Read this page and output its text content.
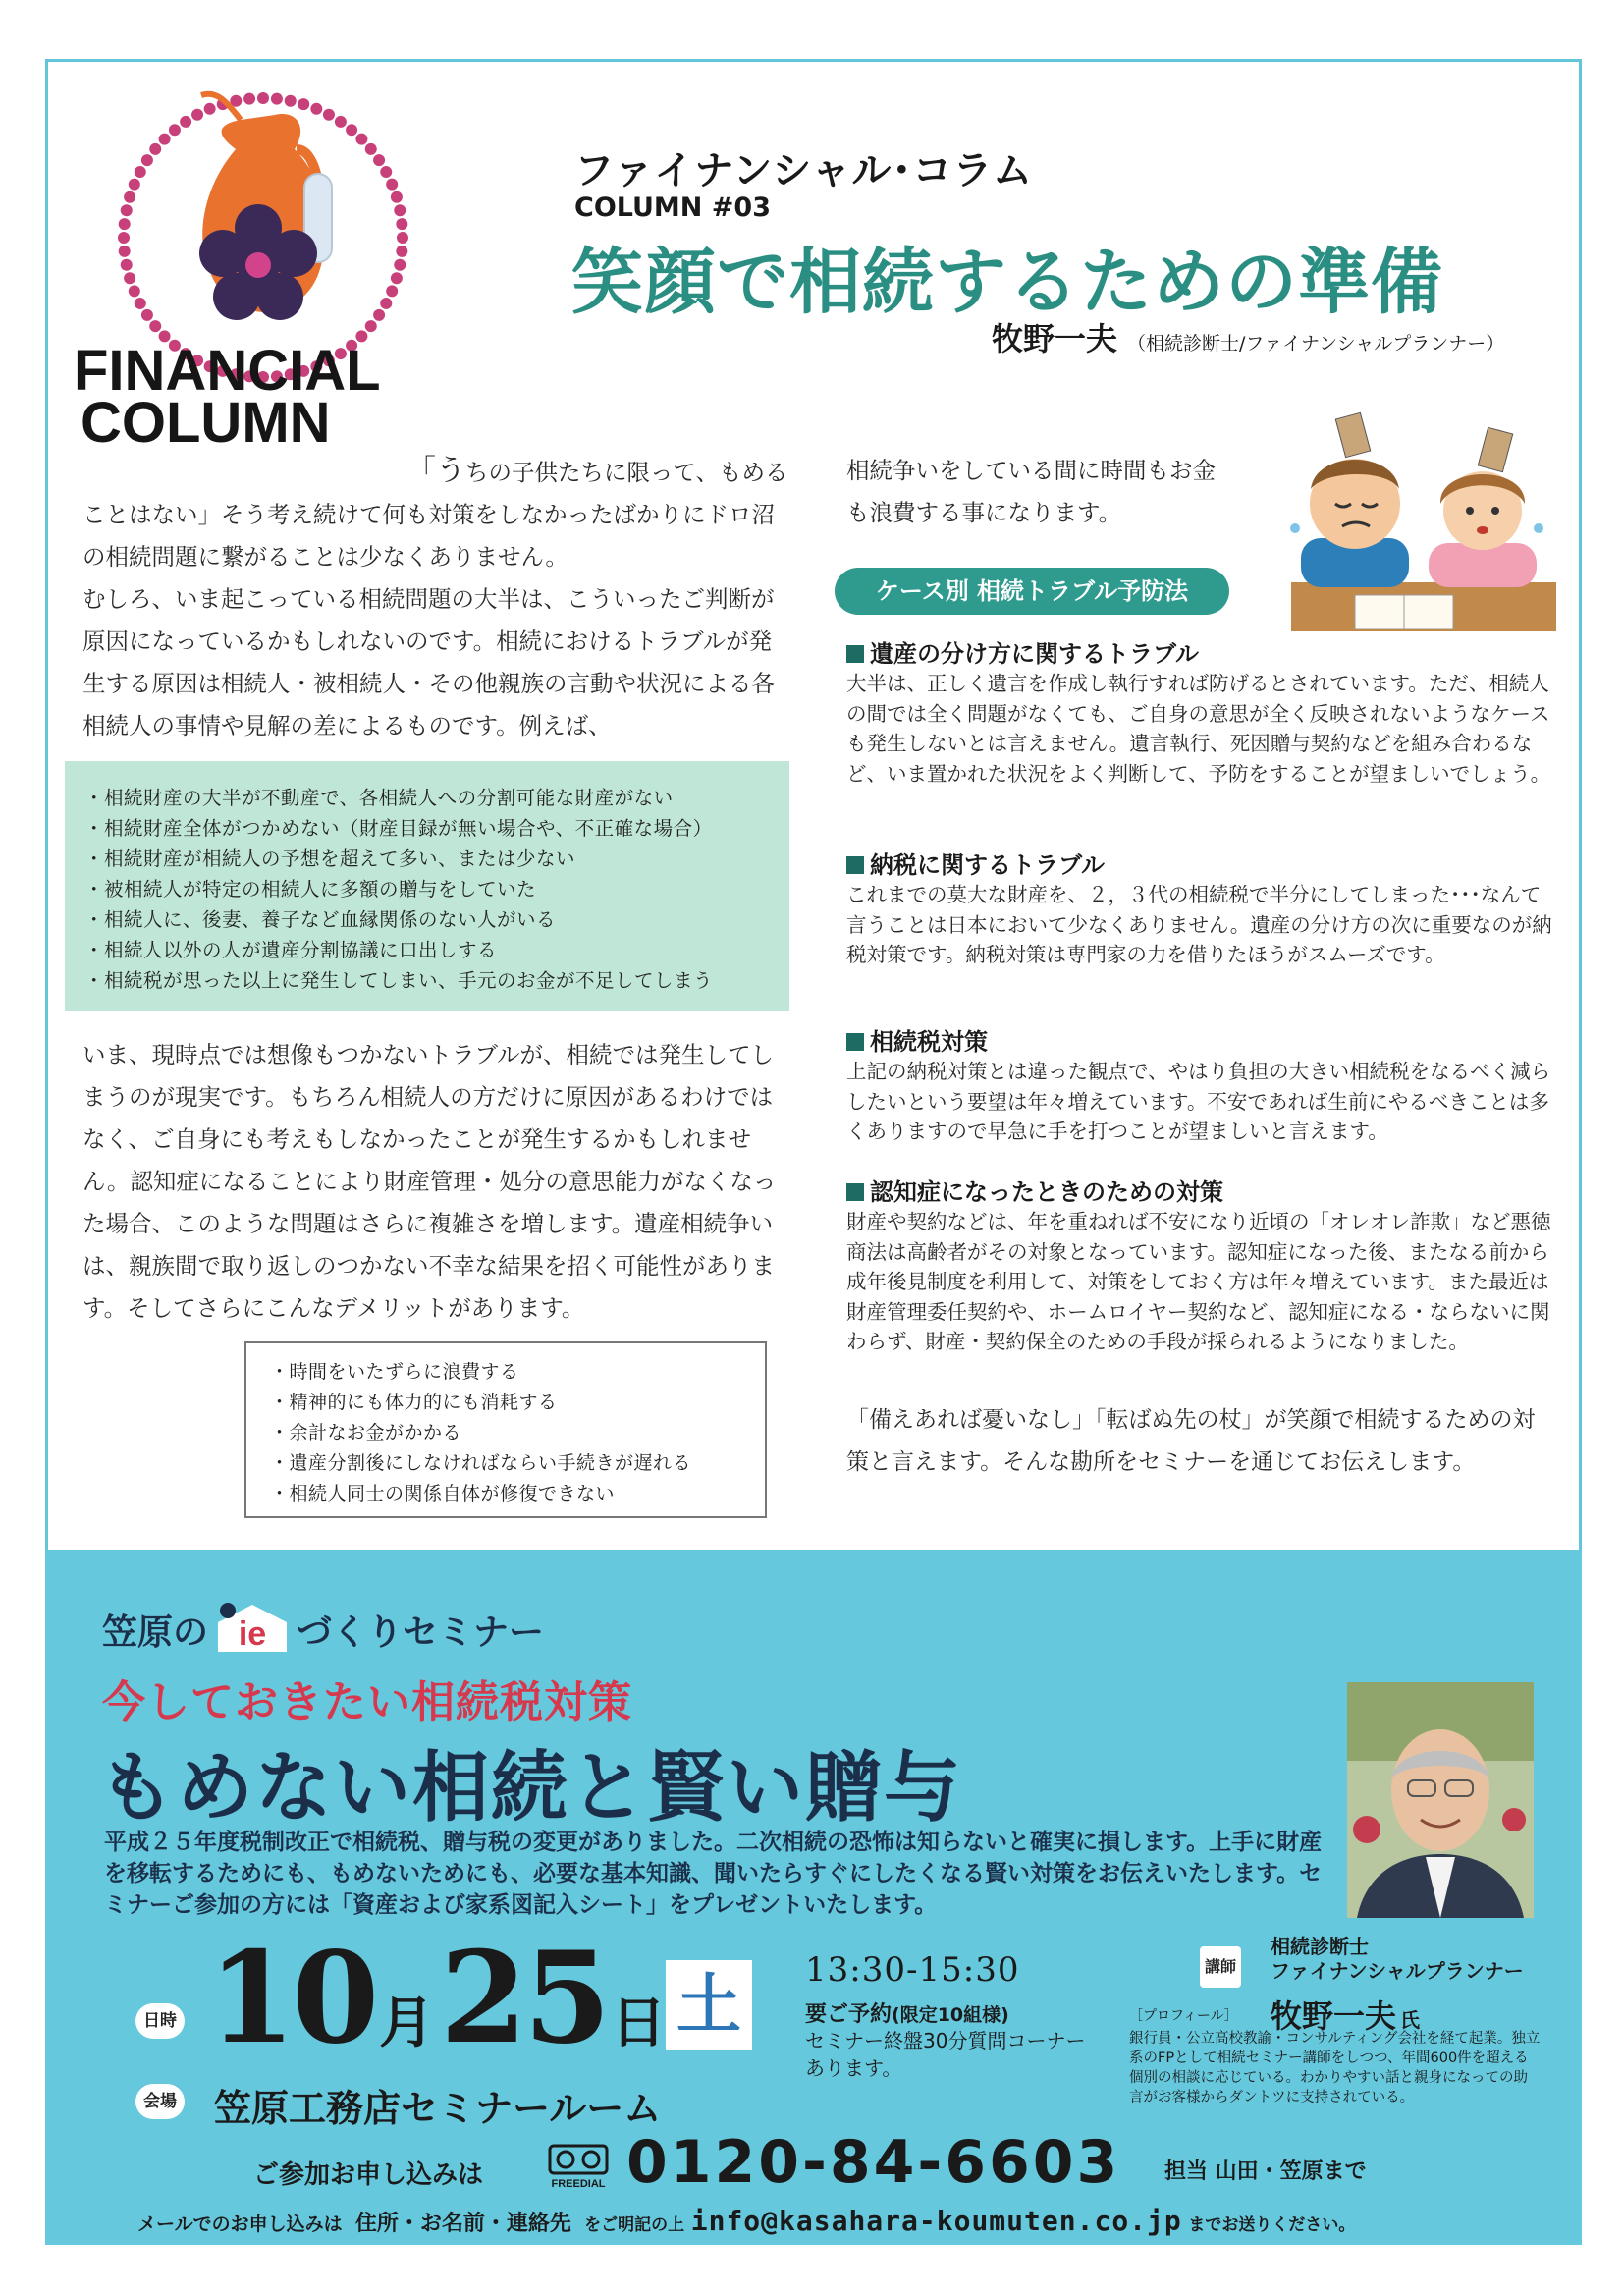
FINANCIAL
COLUMN
ファイナンシャル･コラム
COLUMN #03
笑顔で相続するための準備
牧野一夫 （相続診断士/ファイナンシャルプランナー）
「うちの子供たちに限って、もめることはない」そう考え続けて何も対策をしなかったばかりにドロ沼の相続問題に繋がることは少なくありません。
むしろ、いま起こっている相続問題の大半は、こういったご判断が原因になっているかもしれないのです。相続におけるトラブルが発生する原因は相続人・被相続人・その他親族の言動や状況による各相続人の事情や見解の差によるものです。例えば、
・相続財産の大半が不動産で、各相続人への分割可能な財産がない
・相続財産全体がつかめない（財産目録が無い場合や、不正確な場合）
・相続財産が相続人の予想を超えて多い、または少ない
・被相続人が特定の相続人に多額の贈与をしていた
・相続人に、後妻、養子など血縁関係のない人がいる
・相続人以外の人が遺産分割協議に口出しする
・相続税が思った以上に発生してしまい、手元のお金が不足してしまう
いま、現時点では想像もつかないトラブルが、相続では発生してしまうのが現実です。もちろん相続人の方だけに原因があるわけではなく、ご自身にも考えもしなかったことが発生するかもしれません。認知症になることにより財産管理・処分の意思能力がなくなった場合、このような問題はさらに複雑さを増します。遺産相続争いは、親族間で取り返しのつかない不幸な結果を招く可能性があります。そしてさらにこんなデメリットがあります。
・時間をいたずらに浪費する
・精神的にも体力的にも消耗する
・余計なお金がかかる
・遺産分割後にしなければならい手続きが遅れる
・相続人同士の関係自体が修復できない
相続争いをしている間に時間もお金も浪費する事になります。
ケース別 相続トラブル予防法
遺産の分け方に関するトラブル
大半は、正しく遺言を作成し執行すれば防げるとされています。ただ、相続人の間では全く問題がなくても、ご自身の意思が全く反映されないようなケースも発生しないとは言えません。遺言執行、死因贈与契約などを組み合わるなど、いま置かれた状況をよく判断して、予防をすることが望ましいでしょう。
納税に関するトラブル
これまでの莫大な財産を、２，３代の相続税で半分にしてしまった･･･なんて言うことは日本において少なくありません。遺産の分け方の次に重要なのが納税対策です。納税対策は専門家の力を借りたほうがスムーズです。
相続税対策
上記の納税対策とは違った観点で、やはり負担の大きい相続税をなるべく減らしたいという要望は年々増えています。不安であれば生前にやるべきことは多くありますので早急に手を打つことが望ましいと言えます。
認知症になったときのための対策
財産や契約などは、年を重ねれば不安になり近頃の「オレオレ詐欺」など悪徳商法は高齢者がその対象となっています。認知症になった後、またなる前から成年後見制度を利用して、対策をしておく方は年々増えています。また最近は財産管理委任契約や、ホームロイヤー契約など、認知症になる・ならないに関わらず、財産・契約保全のための手段が採られるようになりました。
「備えあれば憂いなし」「転ばぬ先の杖」が笑顔で相続するための対策と言えます。そんな勘所をセミナーを通じてお伝えします。
笠原の ie づくりセミナー
今しておきたい相続税対策
もめない相続と賢い贈与
平成２５年度税制改正で相続税、贈与税の変更がありました。二次相続の恐怖は知らないと確実に損します。上手に財産を移転するためにも、もめないためにも、必要な基本知識、聞いたらすぐにしたくなる賢い対策をお伝えいたします。セミナーご参加の方には「資産および家系図記入シート」をプレゼントいたします。
日時 10月25日 土	13:30-15:30
要ご予約(限定10組様)
セミナー終盤30分質問コーナーあります。
会場 笠原工務店セミナールーム
講師
相続診断士
ファイナンシャルプランナー
［プロフィール］ 牧野一夫 氏
銀行員・公立高校教諭・コンサルティング会社を経て起業。独立系のFPとして相続セミナー講師をしつつ、年間600件を超える個別の相談に応じている。わかりやすい話と親身になっての助言がお客様からダントツに支持されている。
ご参加お申し込みは	FREEDIAL 0120-84-6603 担当 山田・笠原まで
メールでのお申し込みは 住所・お名前・連絡先 をご明記の上 info@kasahara-koumuten.co.jp までお送りください。
